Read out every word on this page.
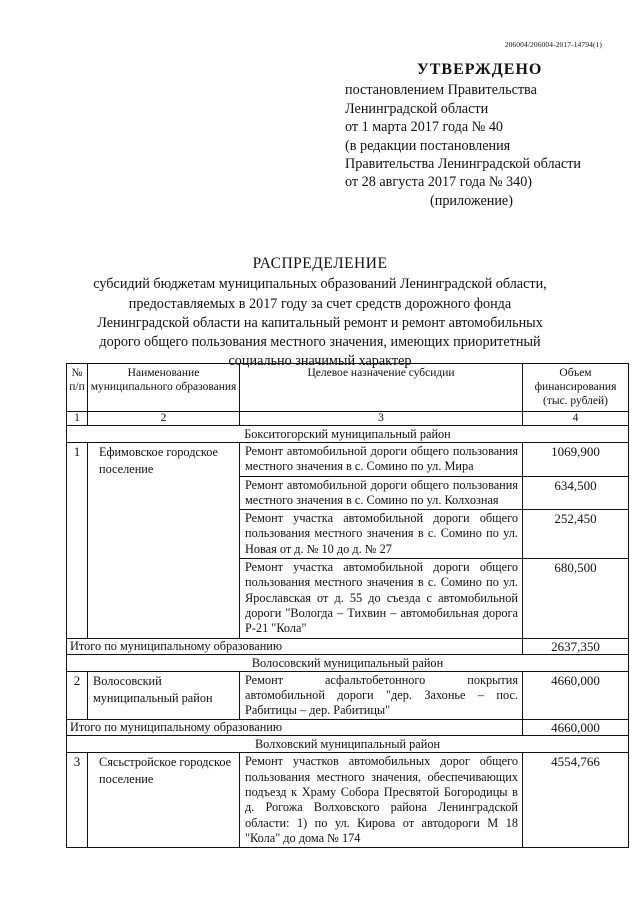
206004/206004-2017-14794(1)
УТВЕРЖДЕНО
постановлением Правительства
Ленинградской области
от 1 марта 2017 года № 40
(в редакции постановления
Правительства Ленинградской области
от 28 августа 2017 года № 340)
(приложение)
РАСПРЕДЕЛЕНИЕ
субсидий бюджетам муниципальных образований Ленинградской области,
предоставляемых в 2017 году за счет средств дорожного фонда
Ленинградской области на капитальный ремонт и ремонт автомобильных
дорого общего пользования местного значения, имеющих приоритетный
социально значимый характер
№ п/п	Наименование муниципального образования	Целевое назначение субсидии	Объем финансирования (тыс. рублей)
1	2	3	4
Бокситогорский муниципальный район			
1	Ефимовское городское поселение	Ремонт автомобильной дороги общего пользования местного значения в с. Сомино по ул. Мира	1069,900
		Ремонт автомобильной дороги общего пользования местного значения в с. Сомино по ул. Колхозная	634,500
		Ремонт участка автомобильной дороги общего пользования местного значения в с. Сомино по ул. Новая от д. № 10 до д. № 27	252,450
		Ремонт участка автомобильной дороги общего пользования местного значения в с. Сомино по ул. Ярославская от д. 55 до съезда с автомобильной дороги "Вологда – Тихвин – автомобильная дорога Р-21 "Кола"	680,500
Итого по муниципальному образованию			2637,350
Волосовский муниципальный район			
2	Волосовский муниципальный район	Ремонт асфальтобетонного покрытия автомобильной дороги "дер. Захонье – пос. Рабитицы – дер. Рабитицы"	4660,000
Итого по муниципальному образованию			4660,000
Волховский муниципальный район			
3	Сясьстройское городское поселение	Ремонт участков автомобильных дорог общего пользования местного значения, обеспечивающих подъезд к Храму Собора Пресвятой Богородицы в д. Рогожа Волховского района Ленинградской области: 1) по ул. Кирова от автодороги М 18 "Кола" до дома № 174	4554,766
